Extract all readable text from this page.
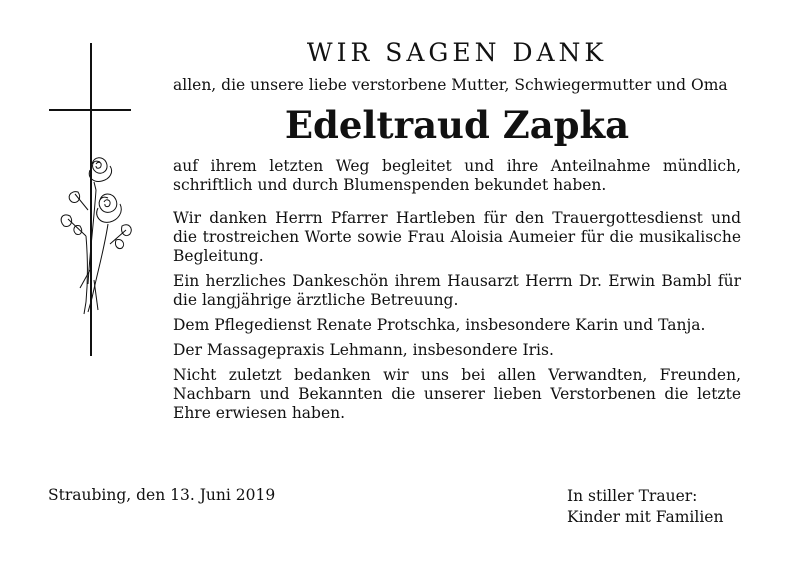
WIR SAGEN DANK

allen, die unsere liebe verstorbene Mutter, Schwiegermutter und Oma

Edeltraud Zapka

auf ihrem letzten Weg begleitet und ihre Anteilnahme mündlich, schriftlich und durch Blumenspenden bekundet haben.

Wir danken Herrn Pfarrer Hartleben für den Trauergottesdienst und die trostreichen Worte sowie Frau Aloisia Aumeier für die musikalische Begleitung.

Ein herzliches Dankeschön ihrem Hausarzt Herrn Dr. Erwin Bambl für die langjährige ärztliche Betreuung.

Dem Pflegedienst Renate Protschka, insbesondere Karin und Tanja.

Der Massagepraxis Lehmann, insbesondere Iris.

Nicht zuletzt bedanken wir uns bei allen Verwandten, Freunden, Nachbarn und Bekannten die unserer lieben Verstorbenen die letzte Ehre erwiesen haben.

Straubing, den 13. Juni 2019	In stiller Trauer:
Kinder mit Familien
